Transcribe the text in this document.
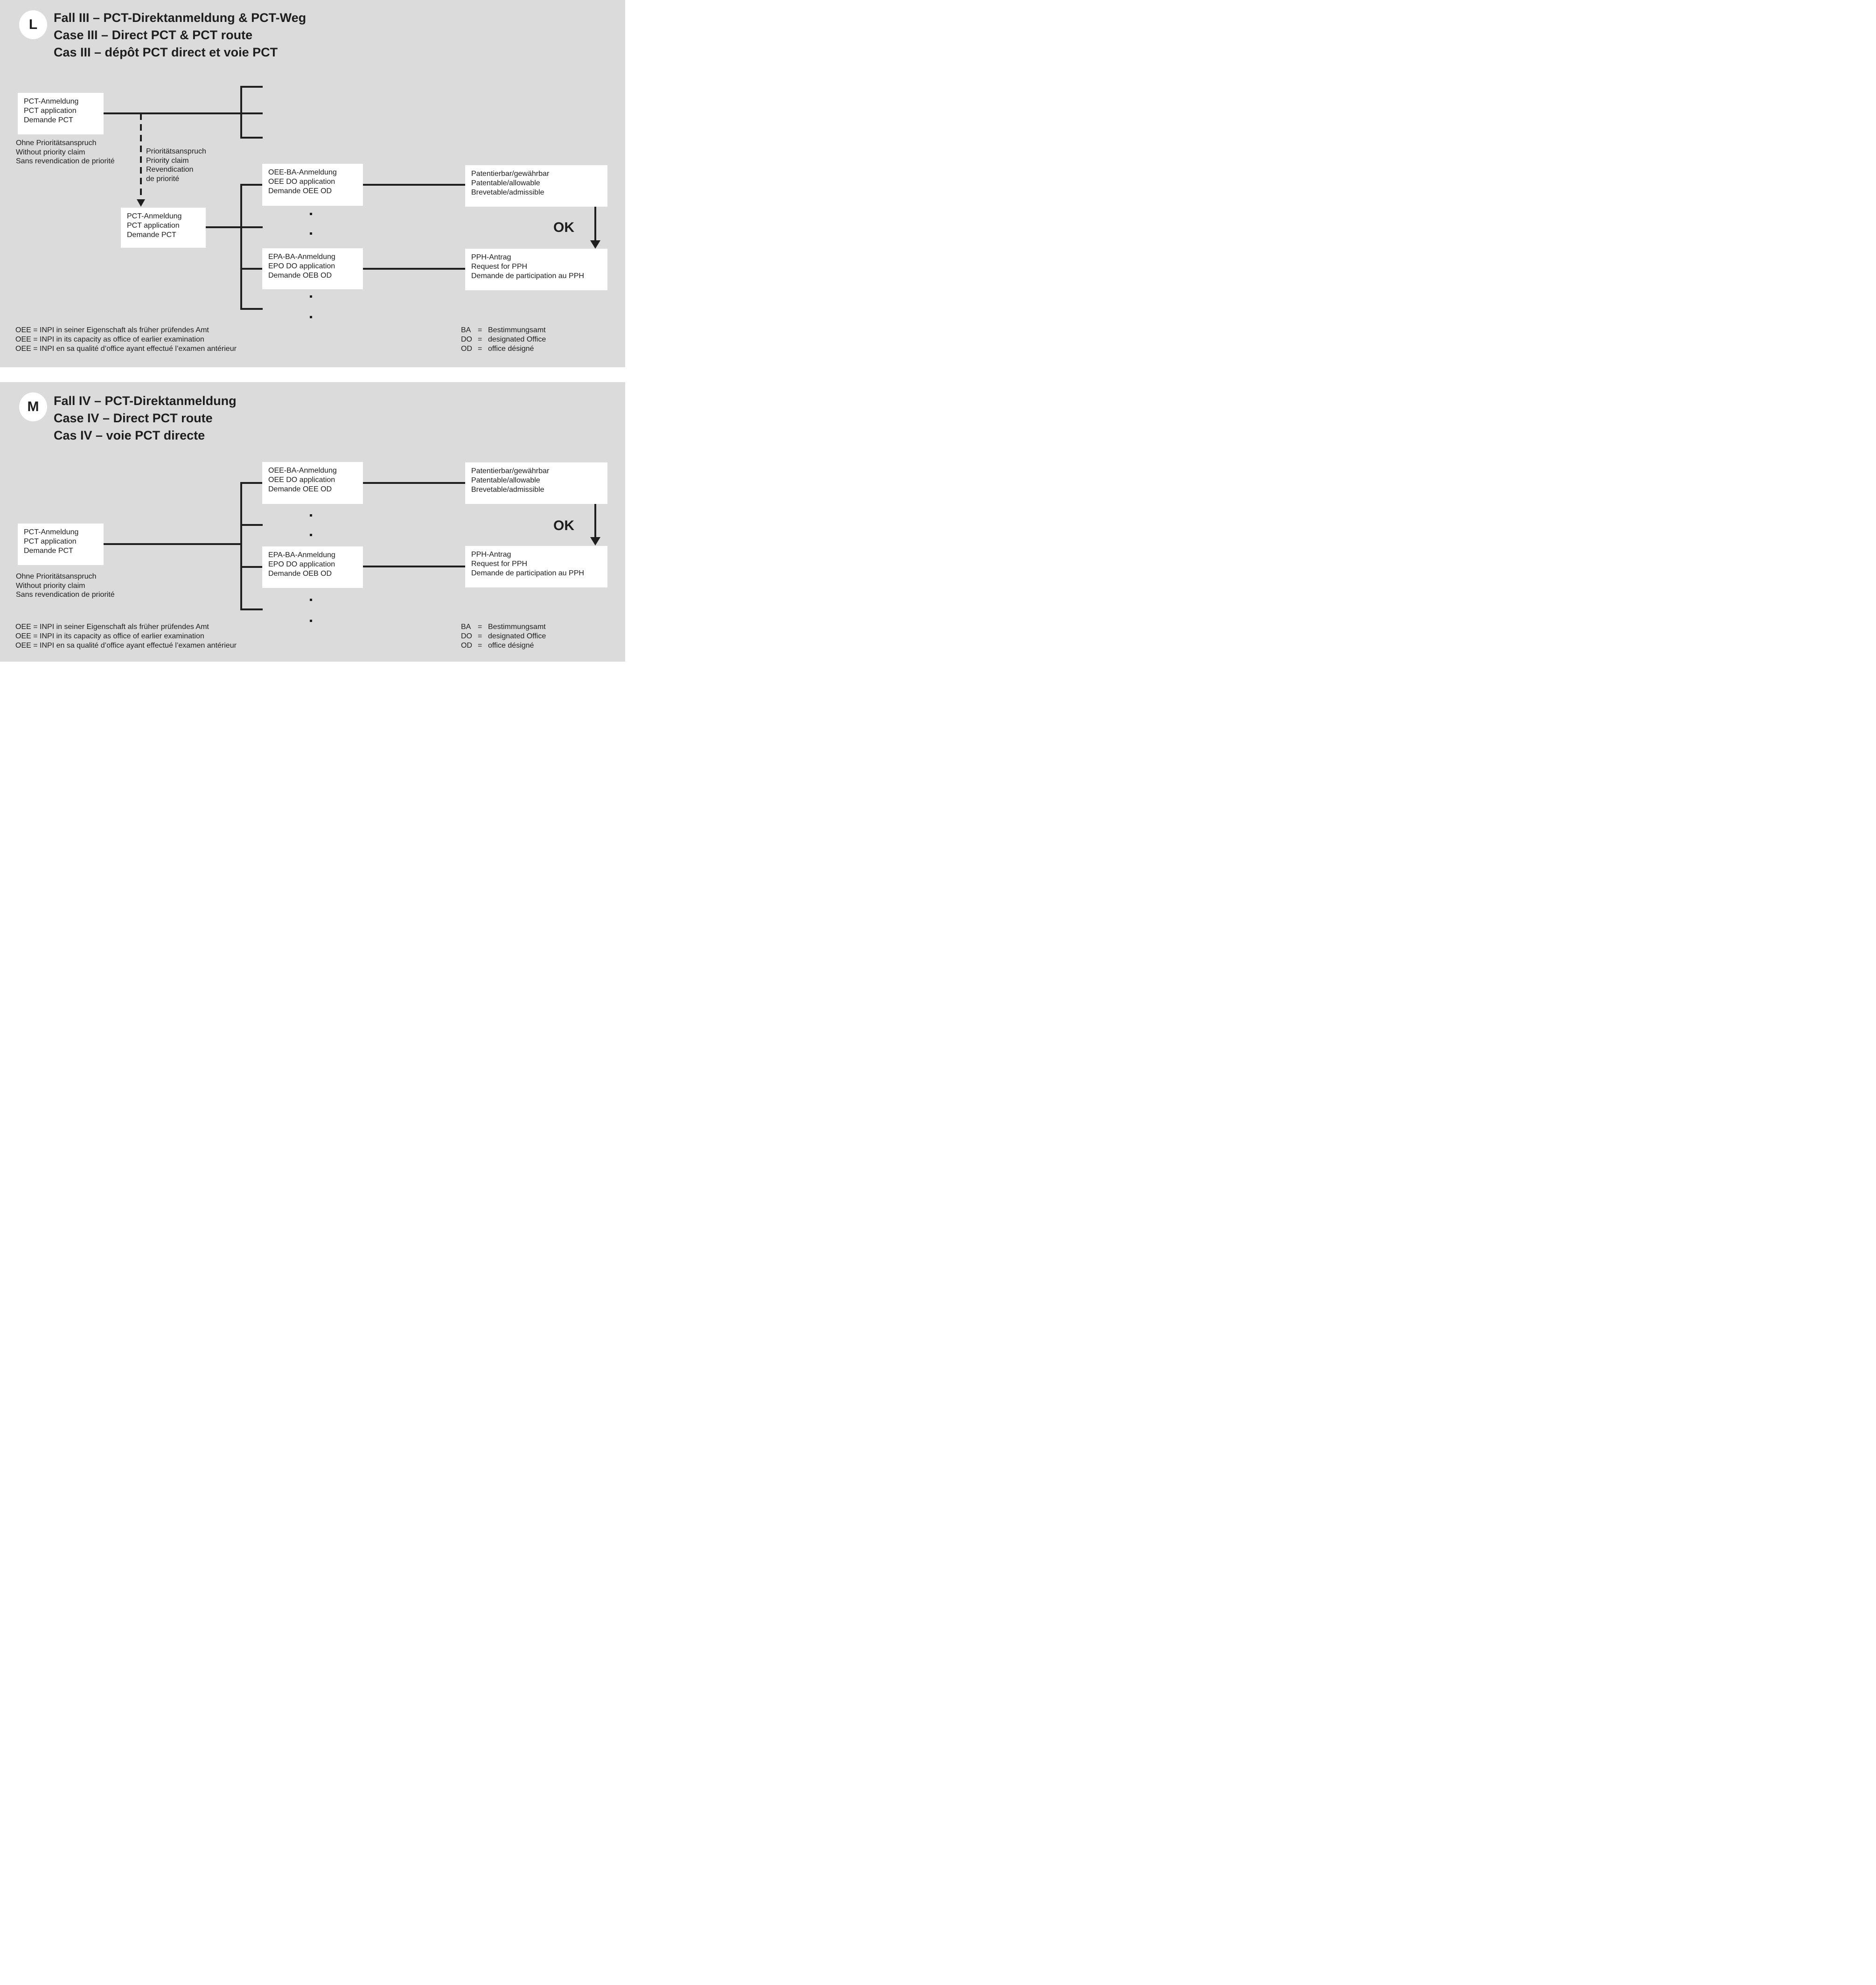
L Fall III – PCT-Direktanmeldung & PCT-Weg
Case III – Direct PCT & PCT route
Cas III – dépôt PCT direct et voie PCT
PCT-Anmeldung
PCT application
Demande PCT
Ohne Prioritätsanspruch
Without priority claim
Sans revendication de priorité
Prioritätsanspruch
Priority claim
Revendication
de priorité
PCT-Anmeldung
PCT application
Demande PCT
OEE-BA-Anmeldung
OEE DO application
Demande OEE OD
EPA-BA-Anmeldung
EPO DO application
Demande OEB OD
Patentierbar/gewährbar
Patentable/allowable
Brevetable/admissible
PPH-Antrag
Request for PPH
Demande de participation au PPH
OK
OEE = INPI in seiner Eigenschaft als früher prüfendes Amt
OEE = INPI in its capacity as office of earlier examination
OEE = INPI en sa qualité d’office ayant effectué l’examen antérieur
BA = Bestimmungsamt
DO = designated Office
OD = office désigné
M Fall IV – PCT-Direktanmeldung
Case IV – Direct PCT route
Cas IV – voie PCT directe
PCT-Anmeldung
PCT application
Demande PCT
Ohne Prioritätsanspruch
Without priority claim
Sans revendication de priorité
OEE-BA-Anmeldung
OEE DO application
Demande OEE OD
EPA-BA-Anmeldung
EPO DO application
Demande OEB OD
Patentierbar/gewährbar
Patentable/allowable
Brevetable/admissible
PPH-Antrag
Request for PPH
Demande de participation au PPH
OK
OEE = INPI in seiner Eigenschaft als früher prüfendes Amt
OEE = INPI in its capacity as office of earlier examination
OEE = INPI en sa qualité d’office ayant effectué l’examen antérieur
BA = Bestimmungsamt
DO = designated Office
OD = office désigné
